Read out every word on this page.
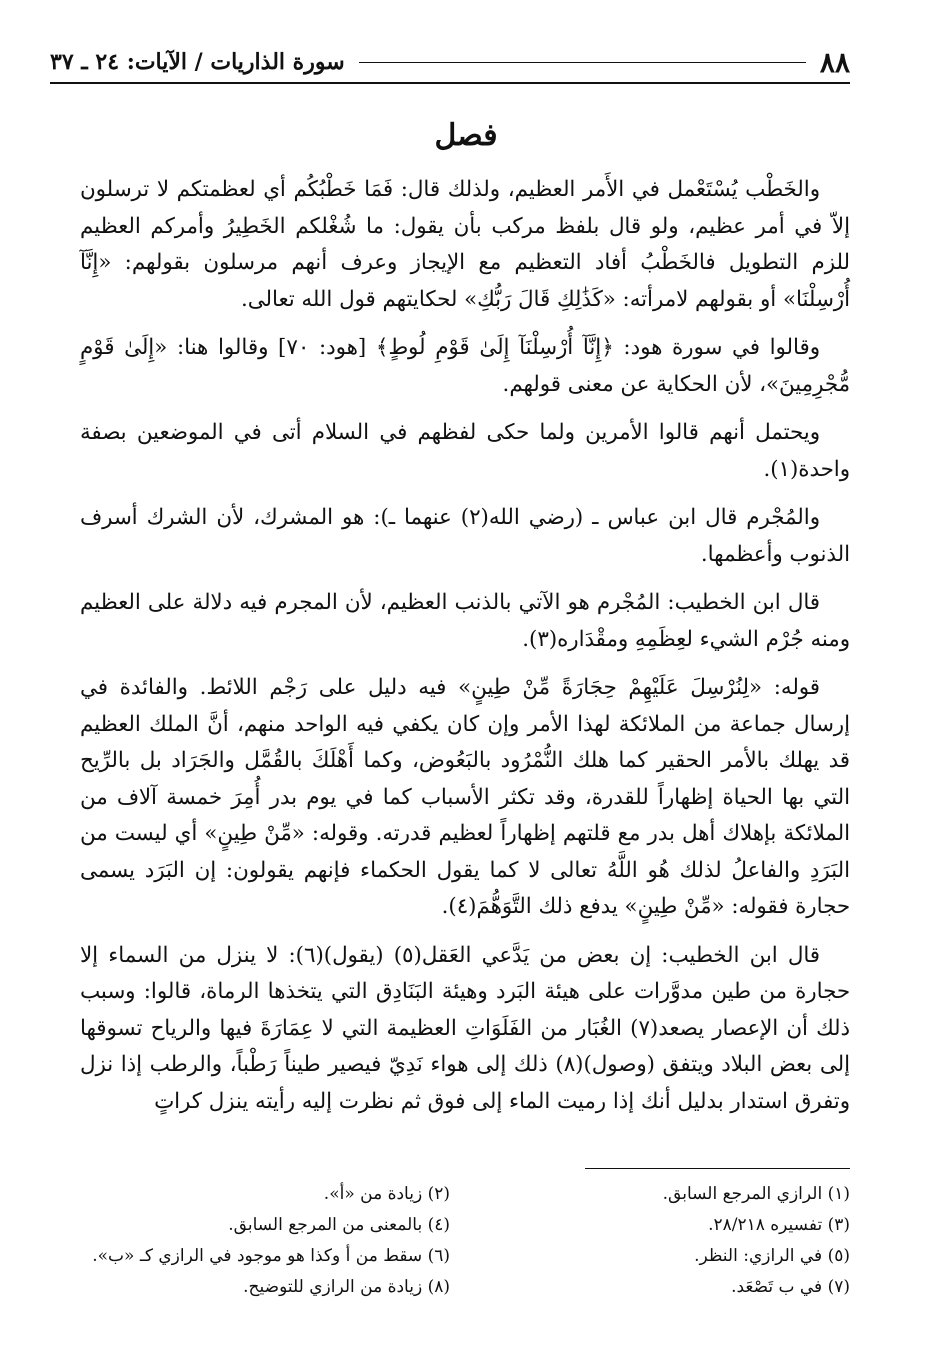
٨٨
سورة الذاريات / الآيات: ٢٤ ـ ٣٧
فصل

والخَطْب يُسْتَعْمل في الأَمر العظيم، ولذلك قال: فَمَا خَطْبُكُم أي لعظمتكم لا ترسلون إلاّ في أمر عظيم، ولو قال بلفظ مركب بأن يقول: ما شُغْلكم الخَطِيرُ وأمركم العظيم للزم التطويل فالخَطْبُ أفاد التعظيم مع الإيجاز وعرف أنهم مرسلون بقولهم: «إِنَّآ أُرْسِلْنَا» أو بقولهم لامرأته: «كَذَٰلِكِ قَالَ رَبُّكِ» لحكايتهم قول الله تعالى.

وقالوا في سورة هود: ﴿إِنَّآ أُرْسِلْنَآ إِلَىٰ قَوْمِ لُوطٍ﴾ [هود: ٧٠] وقالوا هنا: «إِلَىٰ قَوْمٍ مُّجْرِمِينَ»، لأن الحكاية عن معنى قولهم.

ويحتمل أنهم قالوا الأمرين ولما حكى لفظهم في السلام أتى في الموضعين بصفة واحدة(١).

والمُجْرم قال ابن عباس ـ (رضي الله(٢) عنهما ـ): هو المشرك، لأن الشرك أسرف الذنوب وأعظمها.

قال ابن الخطيب: المُجْرم هو الآتي بالذنب العظيم، لأن المجرم فيه دلالة على العظيم ومنه جُرْم الشيء لعِظَمِهِ ومقْدَاره(٣).

قوله: «لِنُرْسِلَ عَلَيْهِمْ حِجَارَةً مِّنْ طِينٍ» فيه دليل على رَجْم اللائط. والفائدة في إرسال جماعة من الملائكة لهذا الأمر وإن كان يكفي فيه الواحد منهم، أنَّ الملك العظيم قد يهلك بالأمر الحقير كما هلك النُّمْرُود بالبَعُوض، وكما أَهْلَكَ بالقُمَّل والجَرَاد بل بالرِّيح التي بها الحياة إظهاراً للقدرة، وقد تكثر الأسباب كما في يوم بدر أُمِرَ خمسة آلاف من الملائكة بإهلاك أهل بدر مع قلتهم إظهاراً لعظيم قدرته. وقوله: «مِّنْ طِينٍ» أي ليست من البَرَدِ والفاعلُ لذلك هُو اللَّهُ تعالى لا كما يقول الحكماء فإنهم يقولون: إن البَرَد يسمى حجارة فقوله: «مِّنْ طِينٍ» يدفع ذلك التَّوَهُّمَ(٤).

قال ابن الخطيب: إن بعض من يَدَّعي العَقل(٥) (يقول)(٦): لا ينزل من السماء إلا حجارة من طين مدوَّرات على هيئة البَرد وهيئة البَنَادِق التي يتخذها الرماة، قالوا: وسبب ذلك أن الإعصار يصعد(٧) الغُبَار من الفَلَوَاتِ العظيمة التي لا عِمَارَةَ فيها والرياح تسوقها إلى بعض البلاد ويتفق (وصول)(٨) ذلك إلى هواء نَدِيّ فيصير طيناً رَطْباً، والرطب إذا نزل وتفرق استدار بدليل أنك إذا رميت الماء إلى فوق ثم نظرت إليه رأيته ينزل كراتٍ

(١) الرازي المرجع السابق.
(٢) زيادة من «أ».
(٣) تفسيره ٢٨/٢١٨.
(٤) بالمعنى من المرجع السابق.
(٥) في الرازي: النظر.
(٦) سقط من أ وكذا هو موجود في الرازي كـ «ب».
(٧) في ب تَصْعَد.
(٨) زيادة من الرازي للتوضيح.
